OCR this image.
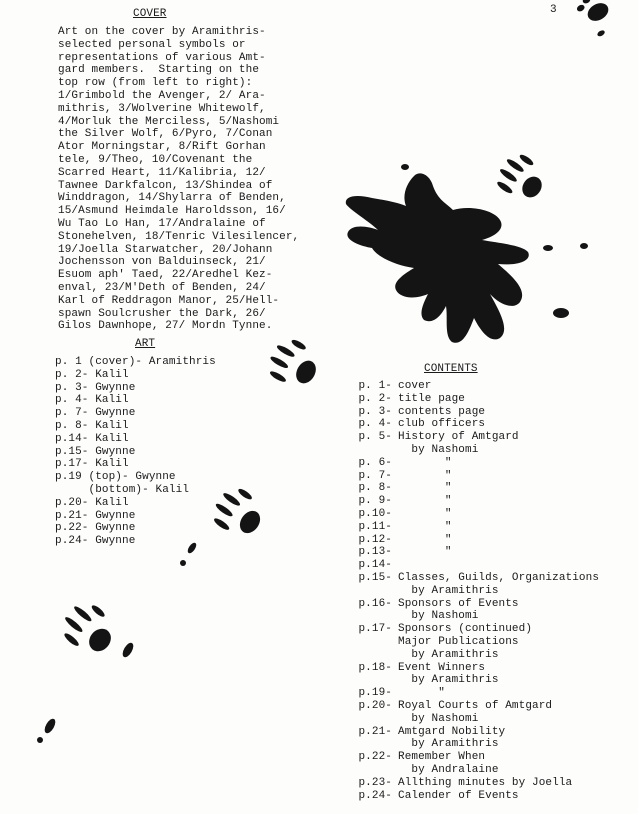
3
COVER
Art on the cover by Aramithris-
selected personal symbols or
representations of various Amt-
gard members.  Starting on the
top row (from left to right):
1/Grimbold the Avenger, 2/ Ara-
mithris, 3/Wolverine Whitewolf,
4/Morluk the Merciless, 5/Nashomi
the Silver Wolf, 6/Pyro, 7/Conan
Ator Morningstar, 8/Rift Gorhan
tele, 9/Theo, 10/Covenant the
Scarred Heart, 11/Kalibria, 12/
Tawnee Darkfalcon, 13/Shindea of
Winddragon, 14/Shylarra of Benden,
15/Asmund Heimdale Haroldsson, 16/
Wu Tao Lo Han, 17/Andralaine of
Stonehelven, 18/Tenric Vilesilencer,
19/Joella Starwatcher, 20/Johann
Jochensson von Balduinseck, 21/
Esuom aph' Taed, 22/Aredhel Kez-
enval, 23/M'Deth of Benden, 24/
Karl of Reddragon Manor, 25/Hell-
spawn Soulcrusher the Dark, 26/
Gilos Dawnhope, 27/ Mordn Tynne.
ART
p. 1 (cover)- Aramithris
p. 2- Kalil
p. 3- Gwynne
p. 4- Kalil
p. 7- Gwynne
p. 8- Kalil
p.14- Kalil
p.15- Gwynne
p.17- Kalil
p.19 (top)- Gwynne
(bottom)- Kalil
p.20- Kalil
p.21- Gwynne
p.22- Gwynne
p.24- Gwynne
CONTENTS
p. 1- cover
p. 2- title page
p. 3- contents page
p. 4- club officers
p. 5- History of Amtgard
by Nashomi
p. 6- "
p. 7- "
p. 8- "
p. 9- "
p.10- "
p.11- "
p.12- "
p.13- "
p.14-
p.15- Classes, Guilds, Organizations
by Aramithris
p.16- Sponsors of Events
by Nashomi
p.17- Sponsors (continued)
Major Publications
by Aramithris
p.18- Event Winners
by Aramithris
p.19- "
p.20- Royal Courts of Amtgard
by Nashomi
p.21- Amtgard Nobility
by Aramithris
p.22- Remember When
by Andralaine
p.23- Allthing minutes by Joella
p.24- Calender of Events
